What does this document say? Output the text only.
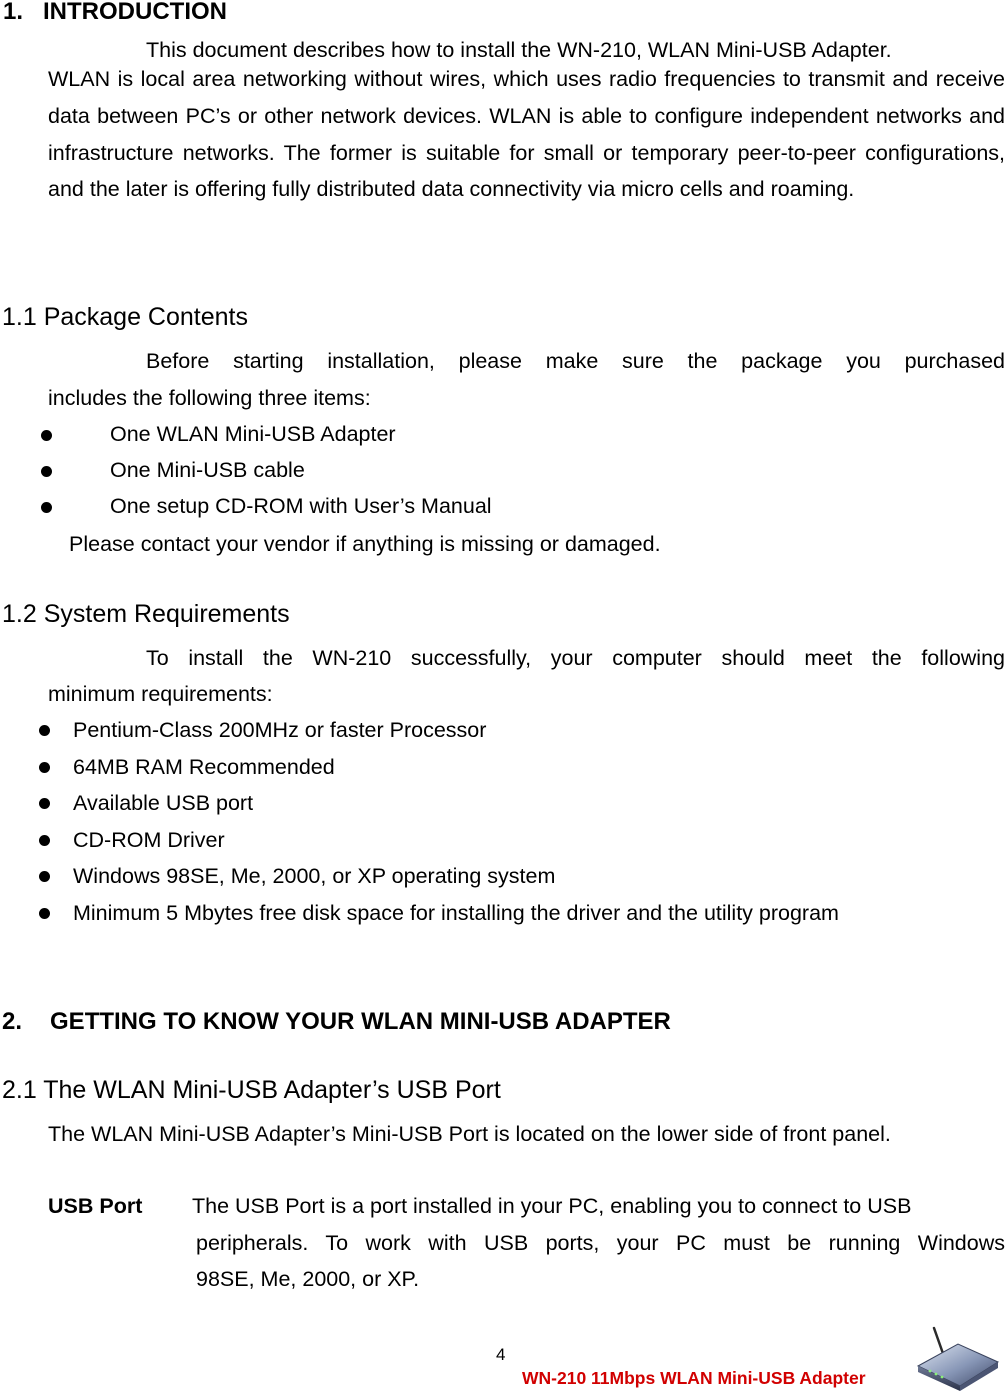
1. INTRODUCTION
This document describes how to install the WN-210, WLAN Mini-USB Adapter.
WLAN is local area networking without wires, which uses radio frequencies to transmit and receive data between PC’s or other network devices. WLAN is able to configure independent networks and infrastructure networks. The former is suitable for small or temporary peer-to-peer configurations, and the later is offering fully distributed data connectivity via micro cells and roaming.
1.1 Package Contents
Before starting installation, please make sure the package you purchased
includes the following three items:
One WLAN Mini-USB Adapter
One Mini-USB cable
One setup CD-ROM with User’s Manual
Please contact your vendor if anything is missing or damaged.
1.2 System Requirements
To install the WN-210 successfully, your computer should meet the following
minimum requirements:
Pentium-Class 200MHz or faster Processor
64MB RAM Recommended
Available USB port
CD-ROM Driver
Windows 98SE, Me, 2000, or XP operating system
Minimum 5 Mbytes free disk space for installing the driver and the utility program
2. GETTING TO KNOW YOUR WLAN MINI-USB ADAPTER
2.1 The WLAN Mini-USB Adapter’s USB Port
The WLAN Mini-USB Adapter’s Mini-USB Port is located on the lower side of front panel.
USB Port The USB Port is a port installed in your PC, enabling you to connect to USB
peripherals. To work with USB ports, your PC must be running Windows
98SE, Me, 2000, or XP.
4
WN-210 11Mbps WLAN Mini-USB Adapter
